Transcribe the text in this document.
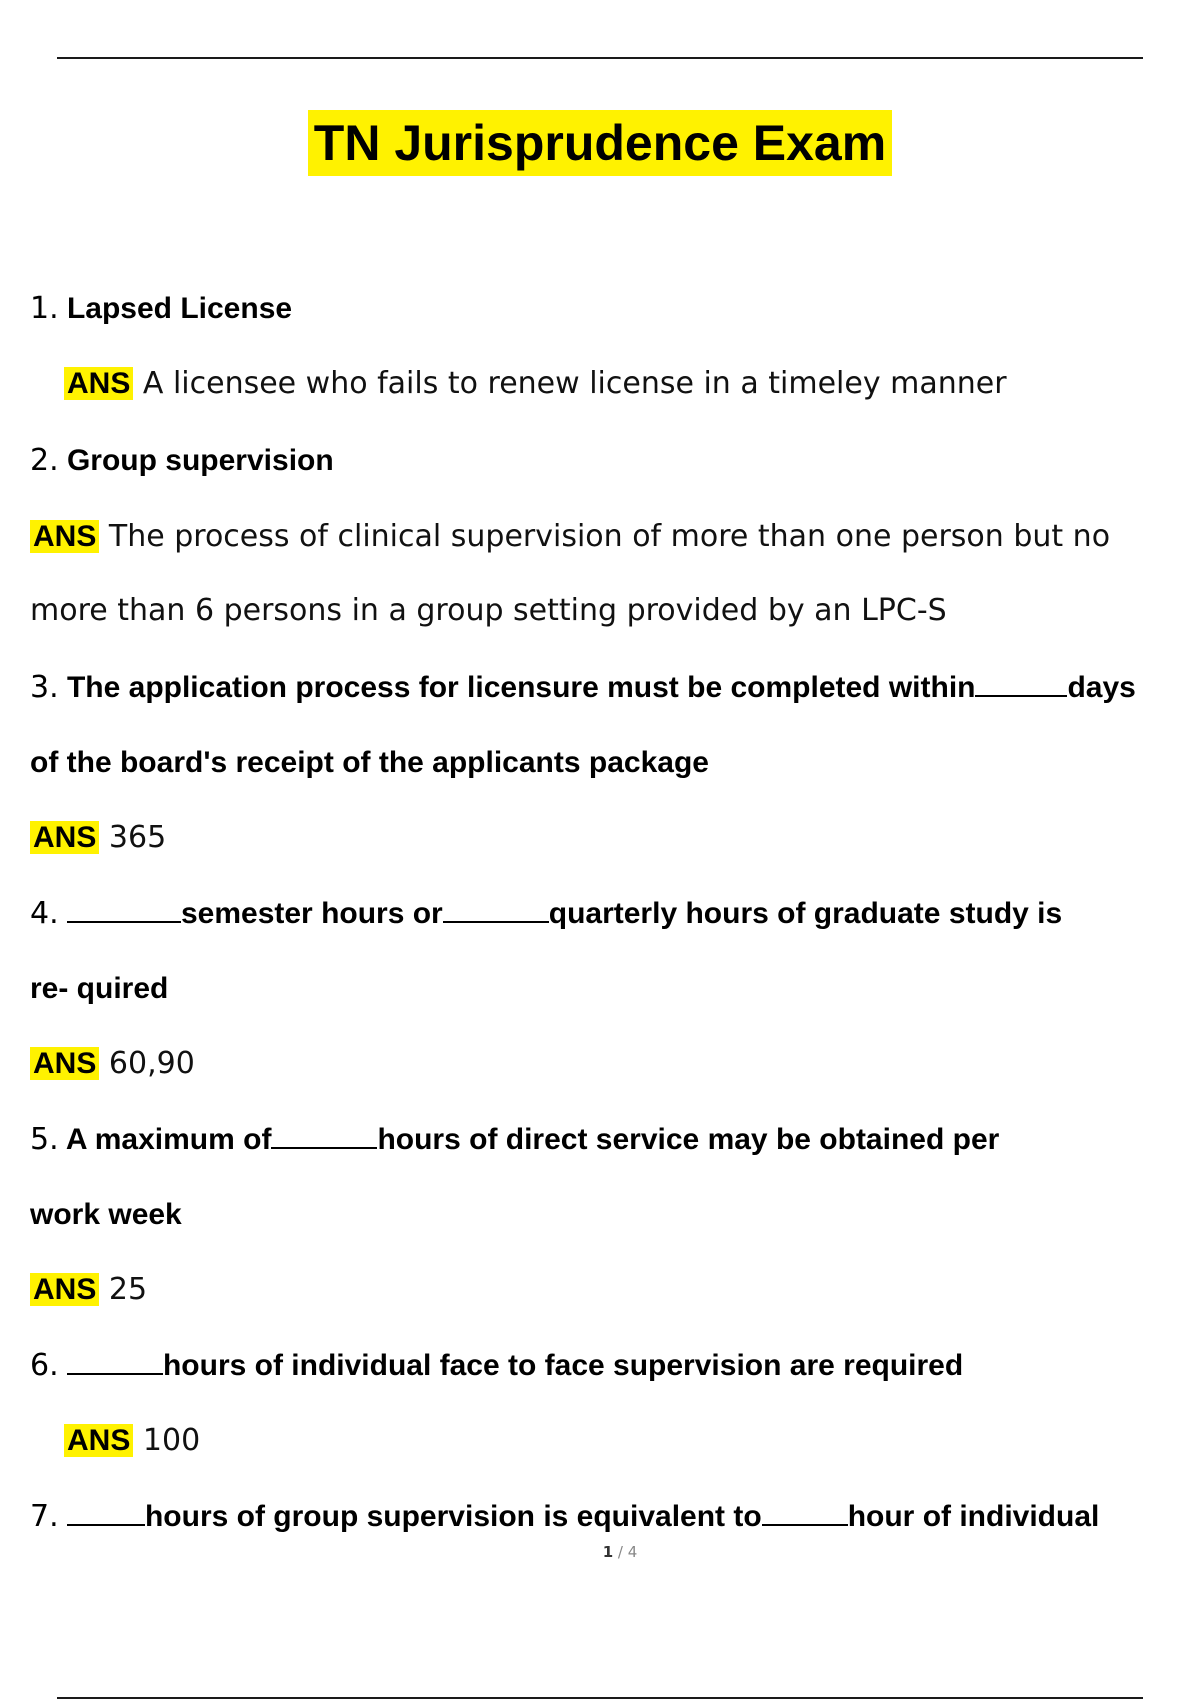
TN Jurisprudence Exam
1. Lapsed License
ANS A licensee who fails to renew license in a timeley manner
2. Group supervision
ANS The process of clinical supervision of more than one person but no
more than 6 persons in a group setting provided by an LPC-S
3. The application process for licensure must be completed within	days
of the board's receipt of the applicants package
ANS 365
4.	semester hours or	quarterly hours of graduate study is
re- quired
ANS 60,90
5. A maximum of	hours of direct service may be obtained per
work week
ANS 25
6.	hours of individual face to face supervision are required
ANS 100
7.	hours of group supervision is equivalent to	hour of individual
1 / 4
